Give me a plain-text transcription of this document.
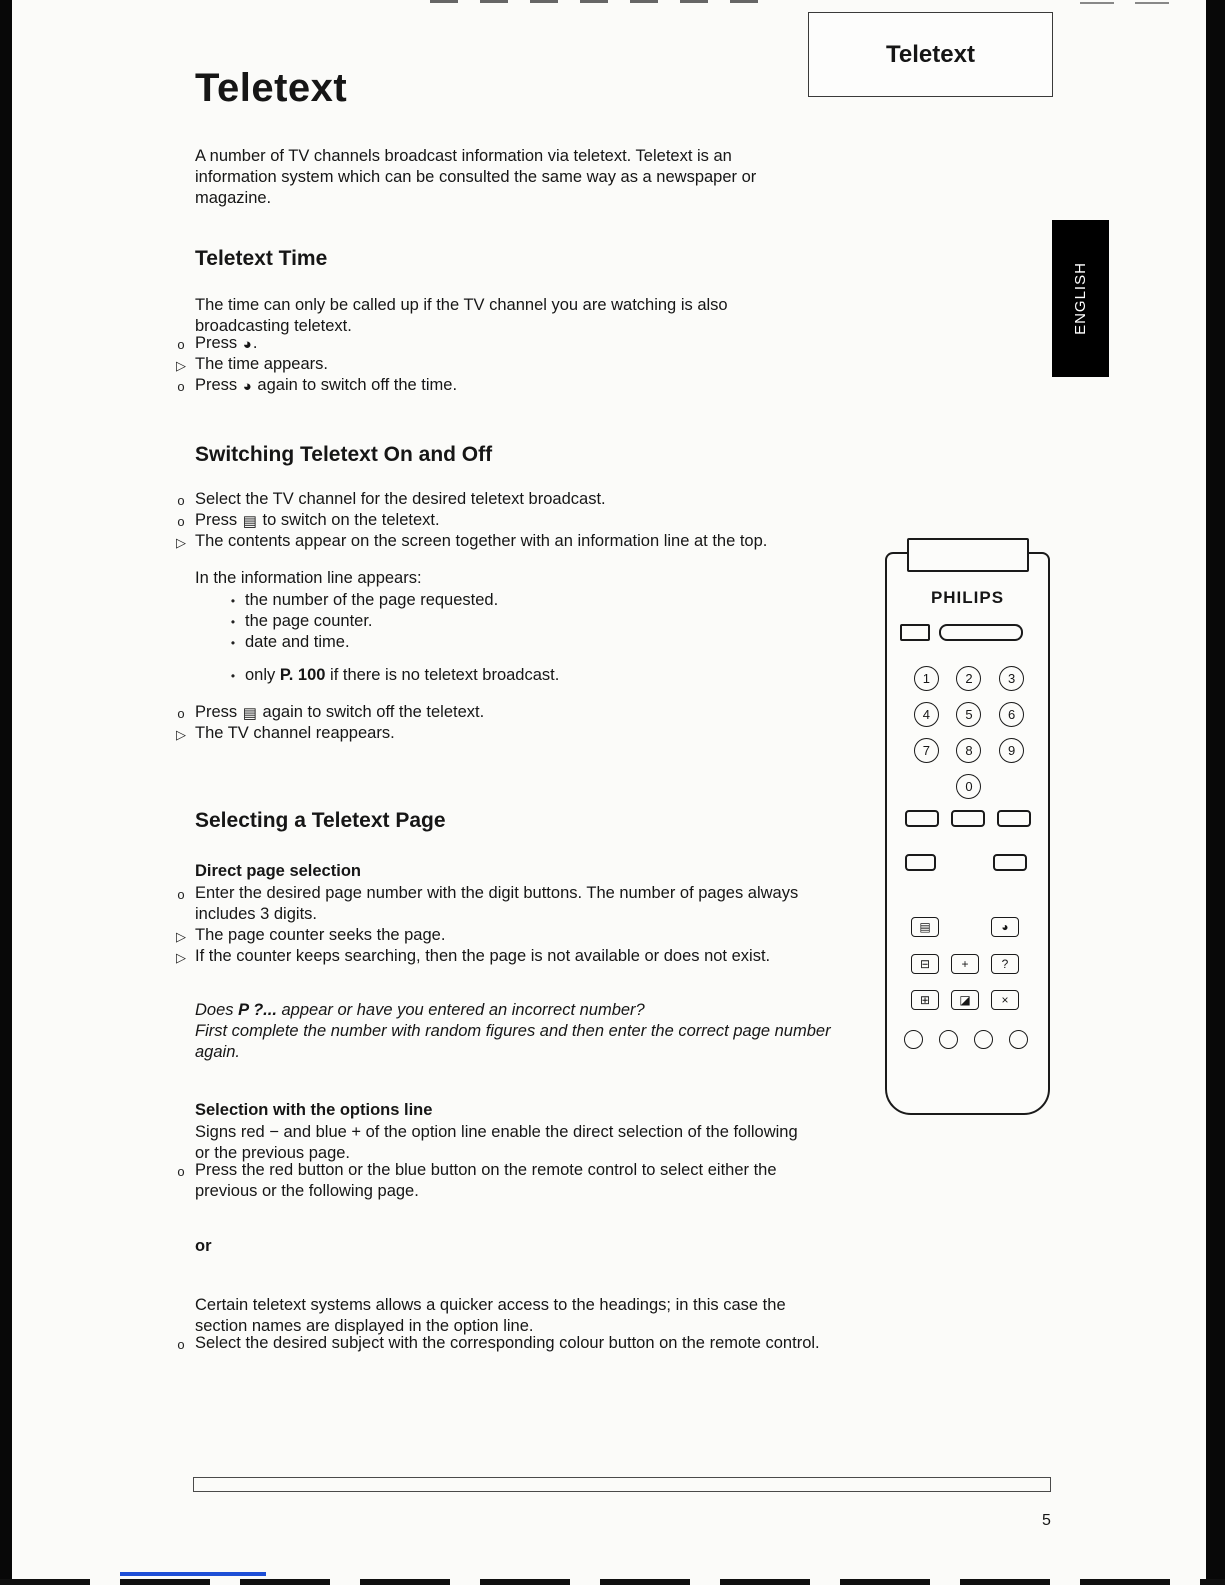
Teletext
Teletext
ENGLISH
A number of TV channels broadcast information via teletext. Teletext is an information system which can be consulted the same way as a newspaper or magazine.
Teletext Time
The time can only be called up if the TV channel you are watching is also broadcasting teletext.
o Press ◕.
▷ The time appears.
o Press ◕ again to switch off the time.
Switching Teletext On and Off
o Select the TV channel for the desired teletext broadcast.
o Press ▤ to switch on the teletext.
▷ The contents appear on the screen together with an information line at the top.
In the information line appears:
• the number of the page requested.
• the page counter.
• date and time.
• only P. 100 if there is no teletext broadcast.
o Press ▤ again to switch off the teletext.
▷ The TV channel reappears.
Selecting a Teletext Page
Direct page selection
o Enter the desired page number with the digit buttons. The number of pages always includes 3 digits.
▷ The page counter seeks the page.
▷ If the counter keeps searching, then the page is not available or does not exist.
Does P ?... appear or have you entered an incorrect number?
First complete the number with random figures and then enter the correct page number again.
Selection with the options line
Signs red − and blue + of the option line enable the direct selection of the following or the previous page.
o Press the red button or the blue button on the remote control to select either the previous or the following page.
or
Certain teletext systems allows a quicker access to the headings; in this case the section names are displayed in the option line.
o Select the desired subject with the corresponding colour button on the remote control.
PHILIPS
1	2	3
4	5	6
7	8	9
0
▤	◕
⊟	+	?
⊞ ◪	×
5
